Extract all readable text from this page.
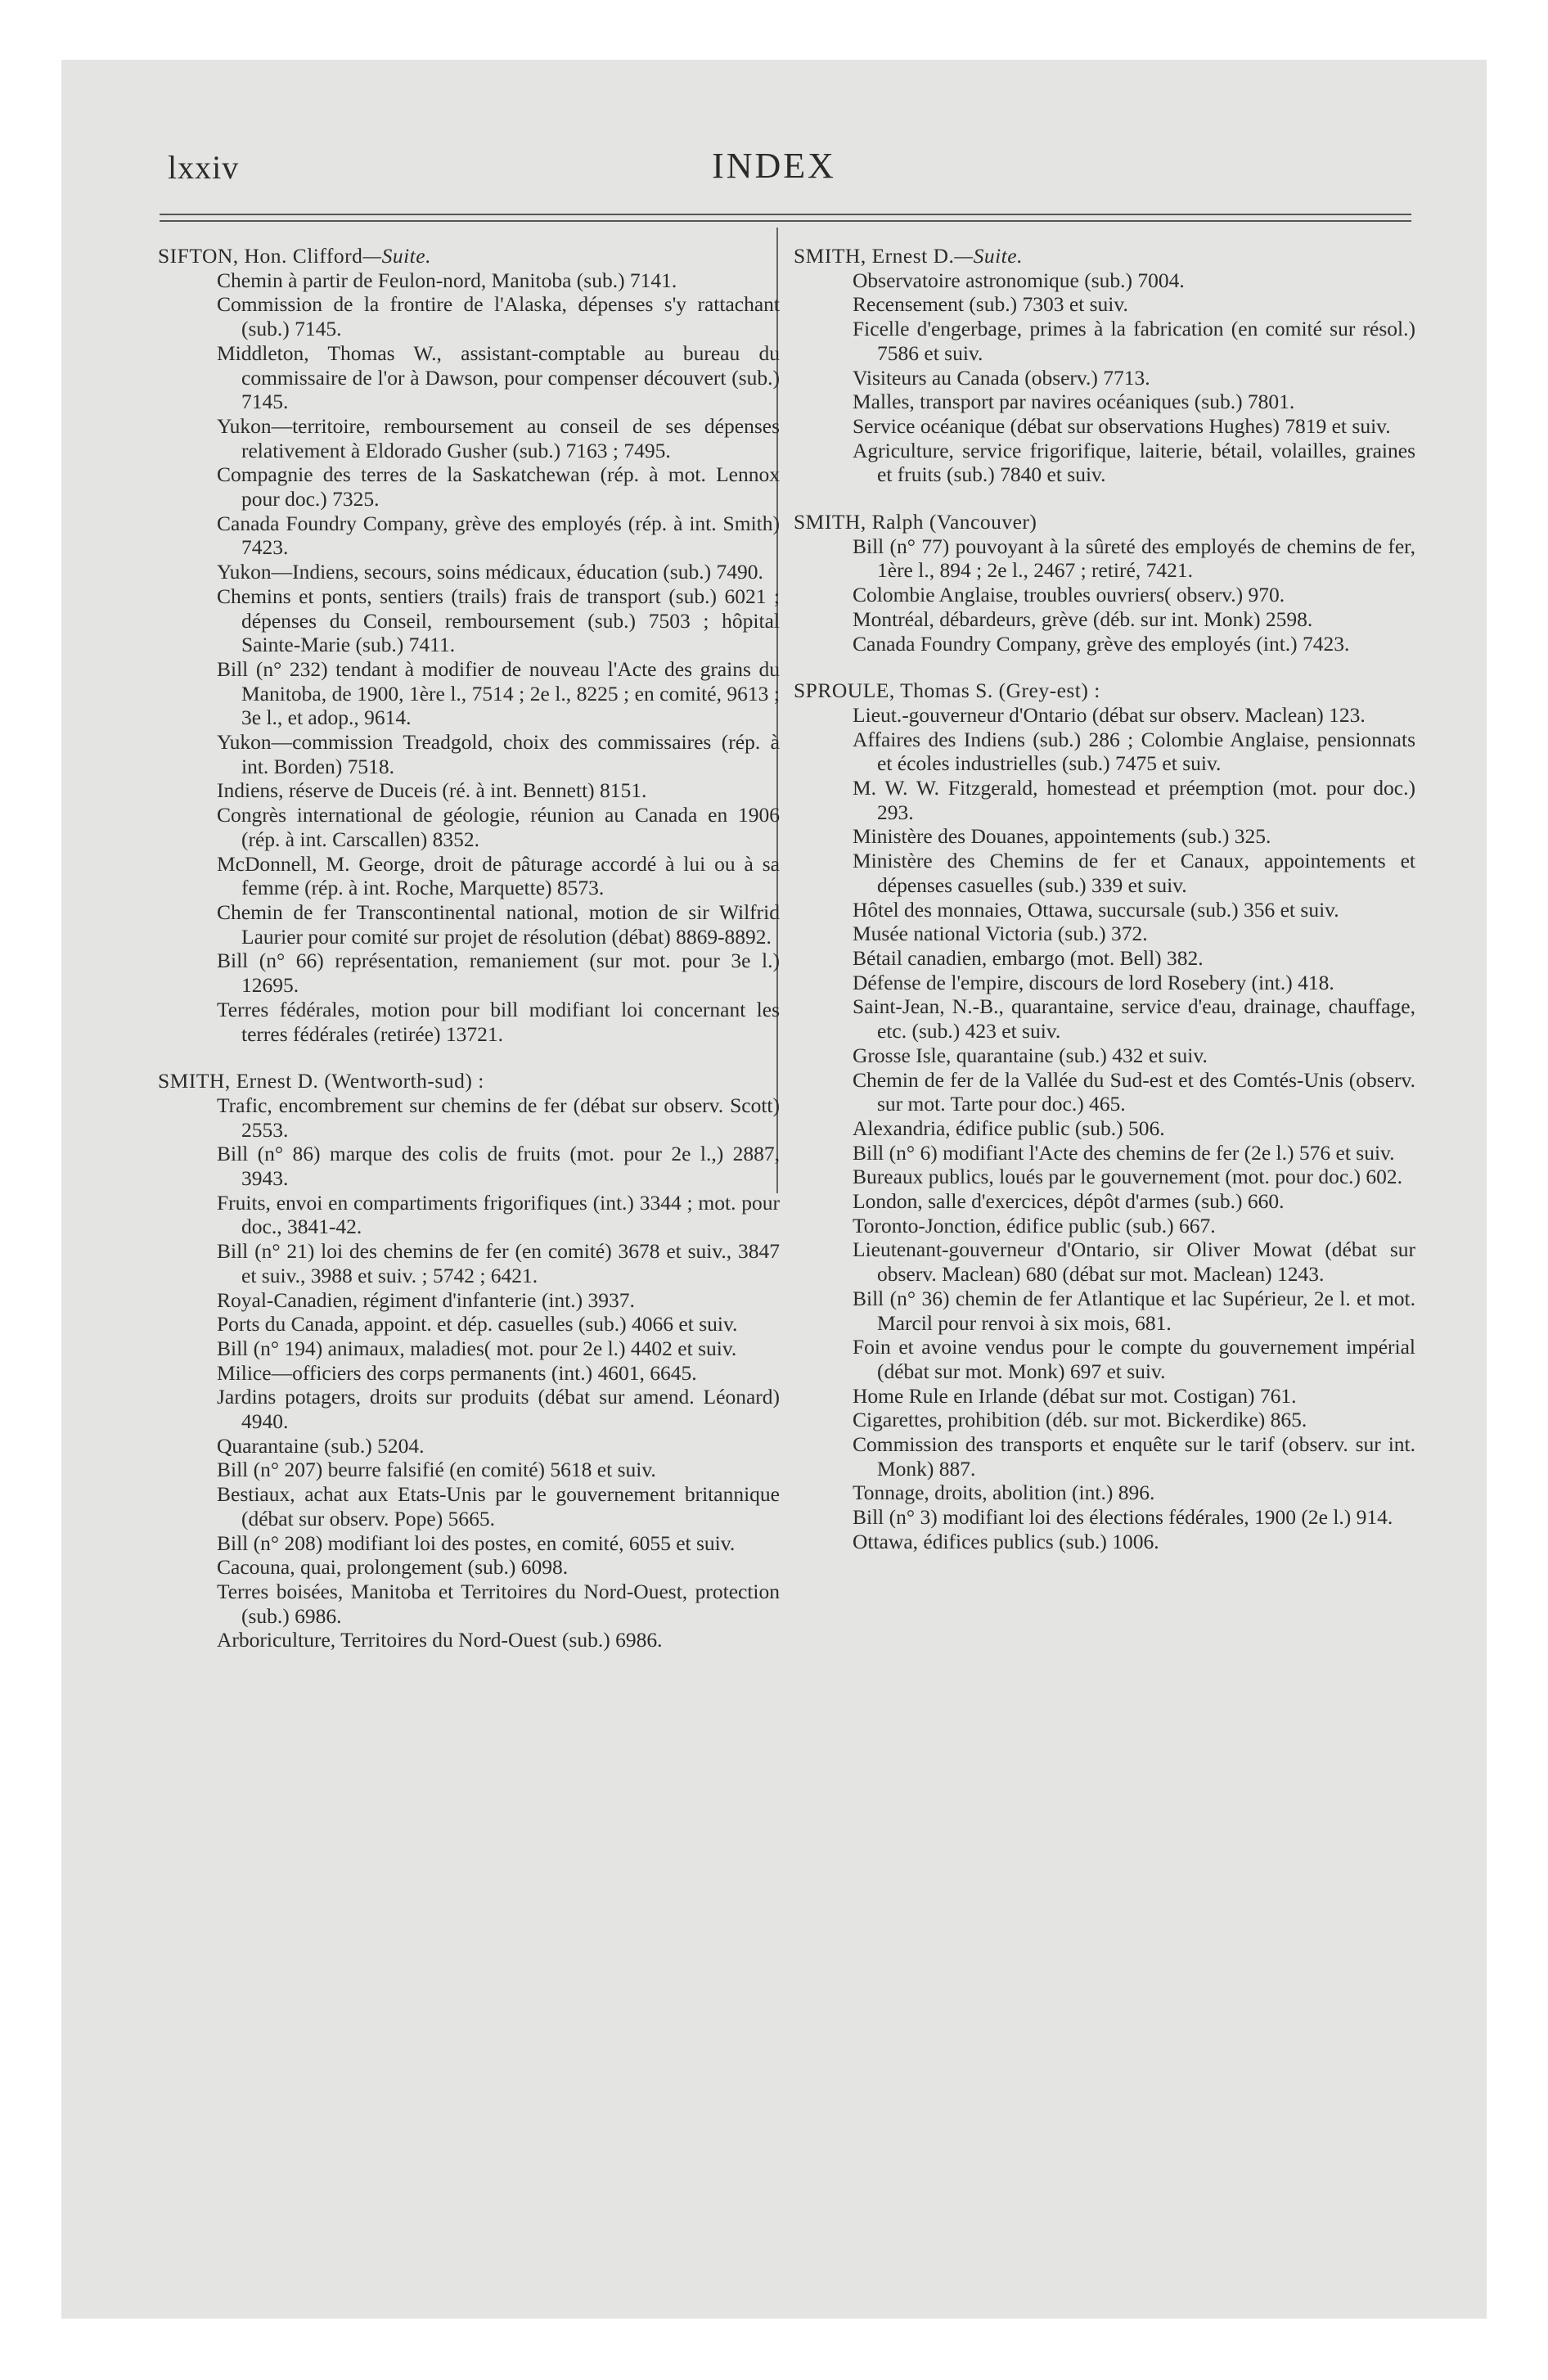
lxxiv	INDEX

SIFTON, Hon. Clifford—Suite.

Chemin à partir de Feulon-nord, Manitoba (sub.) 7141.

Commission de la frontire de l'Alaska, dépenses s'y rattachant (sub.) 7145.

Middleton, Thomas W., assistant-comptable au bureau du commissaire de l'or à Dawson, pour compenser découvert (sub.) 7145.

Yukon—territoire, remboursement au conseil de ses dépenses relativement à Eldorado Gusher (sub.) 7163 ; 7495.

Compagnie des terres de la Saskatchewan (rép. à mot. Lennox pour doc.) 7325.

Canada Foundry Company, grève des employés (rép. à int. Smith) 7423.

Yukon—Indiens, secours, soins médicaux, éducation (sub.) 7490.

Chemins et ponts, sentiers (trails) frais de transport (sub.) 6021 ; dépenses du Conseil, remboursement (sub.) 7503 ; hôpital Sainte-Marie (sub.) 7411.

Bill (n° 232) tendant à modifier de nouveau l'Acte des grains du Manitoba, de 1900, 1ère l., 7514 ; 2e l., 8225 ; en comité, 9613 ; 3e l., et adop., 9614.

Yukon—commission Treadgold, choix des commissaires (rép. à int. Borden) 7518.

Indiens, réserve de Duceis (ré. à int. Bennett) 8151.

Congrès international de géologie, réunion au Canada en 1906 (rép. à int. Carscallen) 8352.

McDonnell, M. George, droit de pâturage accordé à lui ou à sa femme (rép. à int. Roche, Marquette) 8573.

Chemin de fer Transcontinental national, motion de sir Wilfrid Laurier pour comité sur projet de résolution (débat) 8869-8892.

Bill (n° 66) représentation, remaniement (sur mot. pour 3e l.) 12695.

Terres fédérales, motion pour bill modifiant loi concernant les terres fédérales (retirée) 13721.

SMITH, Ernest D. (Wentworth-sud) :

Trafic, encombrement sur chemins de fer (débat sur observ. Scott) 2553.

Bill (n° 86) marque des colis de fruits (mot. pour 2e l.,) 2887, 3943.

Fruits, envoi en compartiments frigorifiques (int.) 3344 ; mot. pour doc., 3841-42.

Bill (n° 21) loi des chemins de fer (en comité) 3678 et suiv., 3847 et suiv., 3988 et suiv. ; 5742 ; 6421.

Royal-Canadien, régiment d'infanterie (int.) 3937.

Ports du Canada, appoint. et dép. casuelles (sub.) 4066 et suiv.

Bill (n° 194) animaux, maladies( mot. pour 2e l.) 4402 et suiv.

Milice—officiers des corps permanents (int.) 4601, 6645.

Jardins potagers, droits sur produits (débat sur amend. Léonard) 4940.

Quarantaine (sub.) 5204.

Bill (n° 207) beurre falsifié (en comité) 5618 et suiv.

Bestiaux, achat aux Etats-Unis par le gouvernement britannique (débat sur observ. Pope) 5665.

Bill (n° 208) modifiant loi des postes, en comité, 6055 et suiv.

Cacouna, quai, prolongement (sub.) 6098.

Terres boisées, Manitoba et Territoires du Nord-Ouest, protection (sub.) 6986.

Arboriculture, Territoires du Nord-Ouest (sub.) 6986.

SMITH, Ernest D.—Suite.

Observatoire astronomique (sub.) 7004.

Recensement (sub.) 7303 et suiv.

Ficelle d'engerbage, primes à la fabrication (en comité sur résol.) 7586 et suiv.

Visiteurs au Canada (observ.) 7713.

Malles, transport par navires océaniques (sub.) 7801.

Service océanique (débat sur observations Hughes) 7819 et suiv.

Agriculture, service frigorifique, laiterie, bétail, volailles, graines et fruits (sub.) 7840 et suiv.

SMITH, Ralph (Vancouver)

Bill (n° 77) pouvoyant à la sûreté des employés de chemins de fer, 1ère l., 894 ; 2e l., 2467 ; retiré, 7421.

Colombie Anglaise, troubles ouvriers( observ.) 970.

Montréal, débardeurs, grève (déb. sur int. Monk) 2598.

Canada Foundry Company, grève des employés (int.) 7423.

SPROULE, Thomas S. (Grey-est) :

Lieut.-gouverneur d'Ontario (débat sur observ. Maclean) 123.

Affaires des Indiens (sub.) 286 ; Colombie Anglaise, pensionnats et écoles industrielles (sub.) 7475 et suiv.

M. W. W. Fitzgerald, homestead et préemption (mot. pour doc.) 293.

Ministère des Douanes, appointements (sub.) 325.

Ministère des Chemins de fer et Canaux, appointements et dépenses casuelles (sub.) 339 et suiv.

Hôtel des monnaies, Ottawa, succursale (sub.) 356 et suiv.

Musée national Victoria (sub.) 372.

Bétail canadien, embargo (mot. Bell) 382.

Défense de l'empire, discours de lord Rosebery (int.) 418.

Saint-Jean, N.-B., quarantaine, service d'eau, drainage, chauffage, etc. (sub.) 423 et suiv.

Grosse Isle, quarantaine (sub.) 432 et suiv.

Chemin de fer de la Vallée du Sud-est et des Comtés-Unis (observ. sur mot. Tarte pour doc.) 465.

Alexandria, édifice public (sub.) 506.

Bill (n° 6) modifiant l'Acte des chemins de fer (2e l.) 576 et suiv.

Bureaux publics, loués par le gouvernement (mot. pour doc.) 602.

London, salle d'exercices, dépôt d'armes (sub.) 660.

Toronto-Jonction, édifice public (sub.) 667.

Lieutenant-gouverneur d'Ontario, sir Oliver Mowat (débat sur observ. Maclean) 680 (débat sur mot. Maclean) 1243.

Bill (n° 36) chemin de fer Atlantique et lac Supérieur, 2e l. et mot. Marcil pour renvoi à six mois, 681.

Foin et avoine vendus pour le compte du gouvernement impérial (débat sur mot. Monk) 697 et suiv.

Home Rule en Irlande (débat sur mot. Costigan) 761.

Cigarettes, prohibition (déb. sur mot. Bickerdike) 865.

Commission des transports et enquête sur le tarif (observ. sur int. Monk) 887.

Tonnage, droits, abolition (int.) 896.

Bill (n° 3) modifiant loi des élections fédérales, 1900 (2e l.) 914.

Ottawa, édifices publics (sub.) 1006.
